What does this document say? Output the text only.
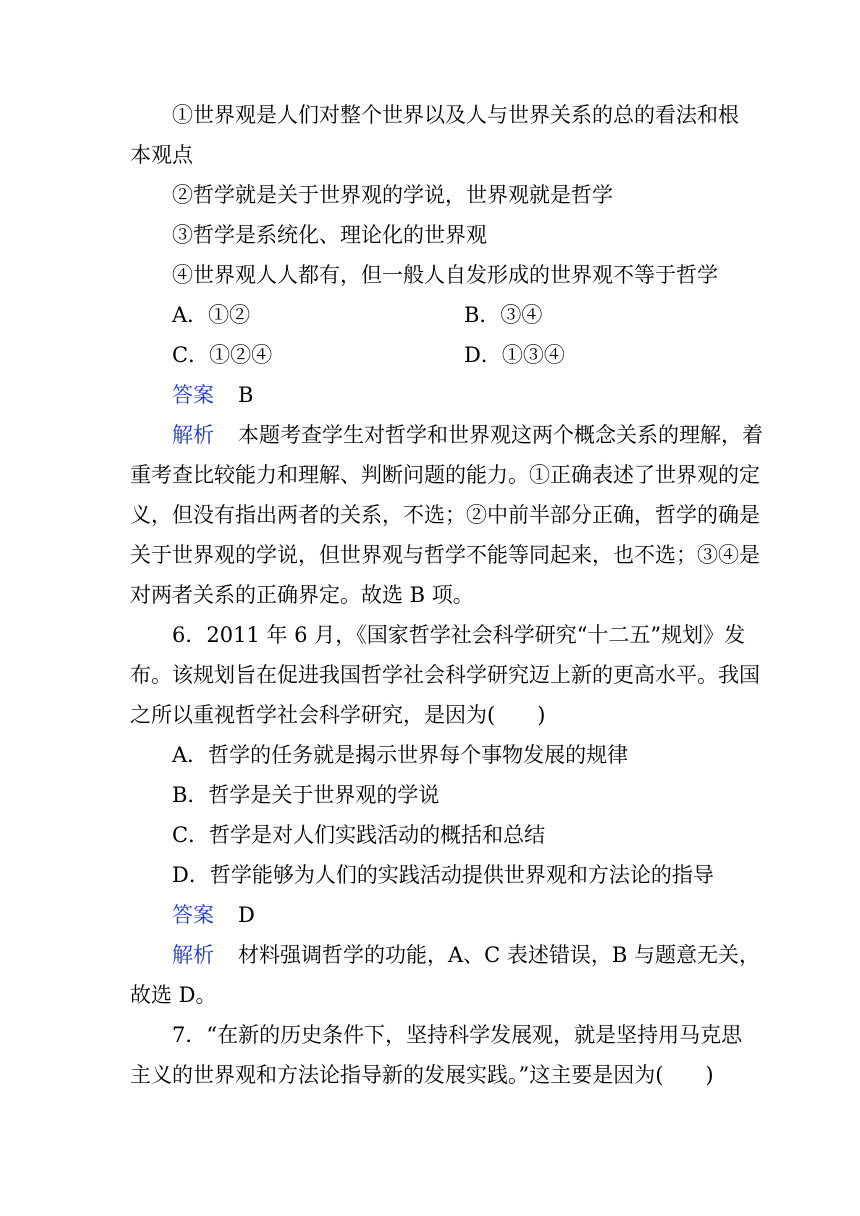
①世界观是人们对整个世界以及人与世界关系的总的看法和根
本观点
②哲学就是关于世界观的学说，世界观就是哲学
③哲学是系统化、理论化的世界观
④世界观人人都有，但一般人自发形成的世界观不等于哲学
A．①②	B．③④
C．①②④	D．①③④
答案 B
解析 本题考查学生对哲学和世界观这两个概念关系的理解，着
重考查比较能力和理解、判断问题的能力。①正确表述了世界观的定
义，但没有指出两者的关系，不选；②中前半部分正确，哲学的确是
关于世界观的学说，但世界观与哲学不能等同起来，也不选；③④是
对两者关系的正确界定。故选 B 项。
6．2011 年 6 月，《国家哲学社会科学研究“十二五”规划》发
布。该规划旨在促进我国哲学社会科学研究迈上新的更高水平。我国
之所以重视哲学社会科学研究，是因为(　　)
A．哲学的任务就是揭示世界每个事物发展的规律
B．哲学是关于世界观的学说
C．哲学是对人们实践活动的概括和总结
D．哲学能够为人们的实践活动提供世界观和方法论的指导
答案 D
解析 材料强调哲学的功能，A、C 表述错误，B 与题意无关，
故选 D。
7．“在新的历史条件下，坚持科学发展观，就是坚持用马克思
主义的世界观和方法论指导新的发展实践。”这主要是因为(　　)
